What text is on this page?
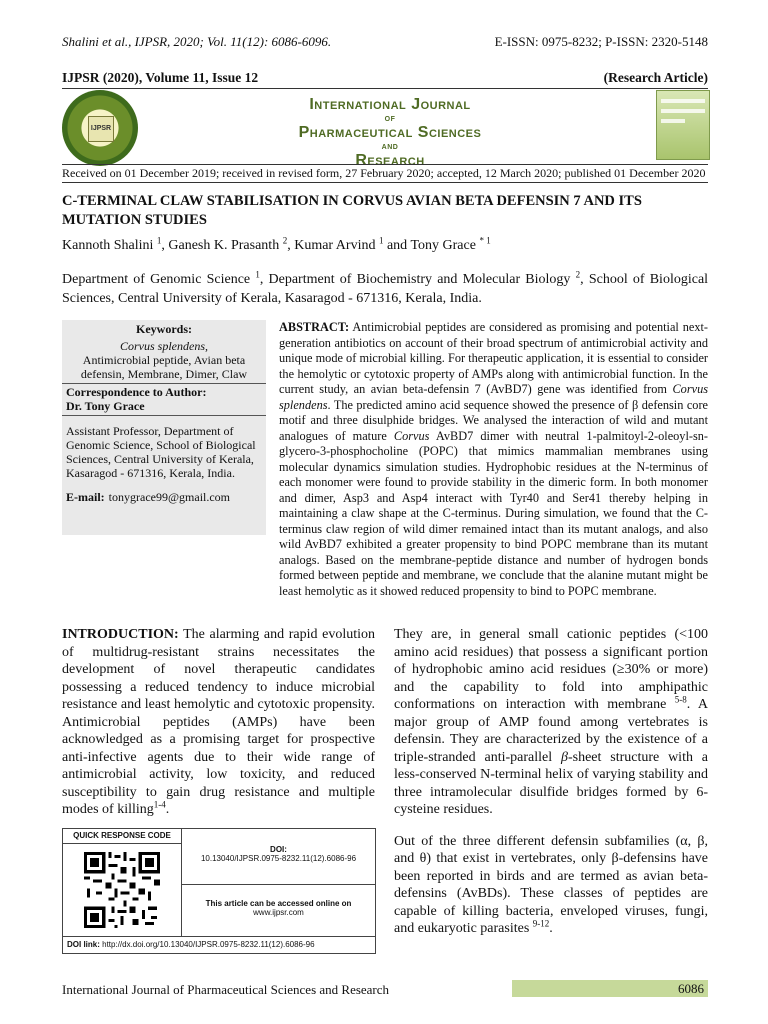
Shalini et al., IJPSR, 2020; Vol. 11(12): 6086-6096.	E-ISSN: 0975-8232; P-ISSN: 2320-5148
IJPSR (2020), Volume 11, Issue 12	(Research Article)
IJPSR
International Journal
of
Pharmaceutical Sciences
and
Research
Received on 01 December 2019; received in revised form, 27 February 2020; accepted, 12 March 2020; published 01 December 2020
C-TERMINAL CLAW STABILISATION IN CORVUS AVIAN BETA DEFENSIN 7 AND ITS MUTATION STUDIES
Kannoth Shalini $^1$, Ganesh K. Prasanth $^2$, Kumar Arvind $^1$ and Tony Grace $^{* 1}$
Department of Genomic Science $^1$, Department of Biochemistry and Molecular Biology $^2$, School of Biological Sciences, Central University of Kerala, Kasaragod - 671316, Kerala, India.
Keywords:
Corvus splendens,
Antimicrobial peptide, Avian beta defensin, Membrane, Dimer, Claw
Correspondence to Author:
Dr. Tony Grace
Assistant Professor, Department of Genomic Science, School of Biological Sciences, Central University of Kerala, Kasaragod - 671316, Kerala, India.
E-mail: tonygrace99@gmail.com
ABSTRACT: Antimicrobial peptides are considered as promising and potential next-generation antibiotics on account of their broad spectrum of antimicrobial activity and unique mode of microbial killing. For therapeutic application, it is essential to consider the hemolytic or cytotoxic property of AMPs along with antimicrobial function. In the current study, an avian beta-defensin 7 (AvBD7) gene was identified from Corvus splendens. The predicted amino acid sequence showed the presence of β defensin core motif and three disulphide bridges. We analysed the interaction of wild and mutant analogues of mature Corvus AvBD7 dimer with neutral 1-palmitoyl-2-oleoyl-sn-glycero-3-phosphocholine (POPC) that mimics mammalian membranes using molecular dynamics simulation studies. Hydrophobic residues at the N-terminus of each monomer were found to provide stability in the dimeric form. In both monomer and dimer, Asp3 and Asp4 interact with Tyr40 and Ser41 thereby helping in maintaining a claw shape at the C-terminus. During simulation, we found that the C-terminus claw region of wild dimer remained intact than its mutant analogs, and also wild AvBD7 exhibited a greater propensity to bind POPC membrane than its mutant analogs. Based on the membrane-peptide distance and number of hydrogen bonds formed between peptide and membrane, we conclude that the alanine mutant might be least hemolytic as it showed reduced propensity to bind to POPC membrane.
INTRODUCTION: The alarming and rapid evolution of multidrug-resistant strains necessitates the development of novel therapeutic candidates possessing a reduced tendency to induce microbial resistance and least hemolytic and cytotoxic propensity. Antimicrobial peptides (AMPs) have been acknowledged as a promising target for prospective anti-infective agents due to their wide range of antimicrobial activity, low toxicity, and reduced susceptibility to gain drug resistance and multiple modes of killing$^{1-4}$.

They are, in general small cationic peptides (<100 amino acid residues) that possess a significant portion of hydrophobic amino acid residues (≥30% or more) and the capability to fold into amphipathic conformations on interaction with membrane $^{5-8}$. A major group of AMP found among vertebrates is defensin. They are characterized by the existence of a triple-stranded anti-parallel β-sheet structure with a less-conserved N-terminal helix of varying stability and three intramolecular disulfide bridges formed by 6-cysteine residues.

Out of the three different defensin subfamilies (α, β, and θ) that exist in vertebrates, only β-defensins have been reported in birds and are termed as avian beta-defensins (AvBDs). These classes of peptides are capable of killing bacteria, enveloped viruses, fungi, and eukaryotic parasites $^{9-12}$.

QUICK RESPONSE CODE
DOI:
10.13040/IJPSR.0975-8232.11(12).6086-96
This article can be accessed online on
www.ijpsr.com
DOI link: http://dx.doi.org/10.13040/IJPSR.0975-8232.11(12).6086-96
International Journal of Pharmaceutical Sciences and Research	6086
